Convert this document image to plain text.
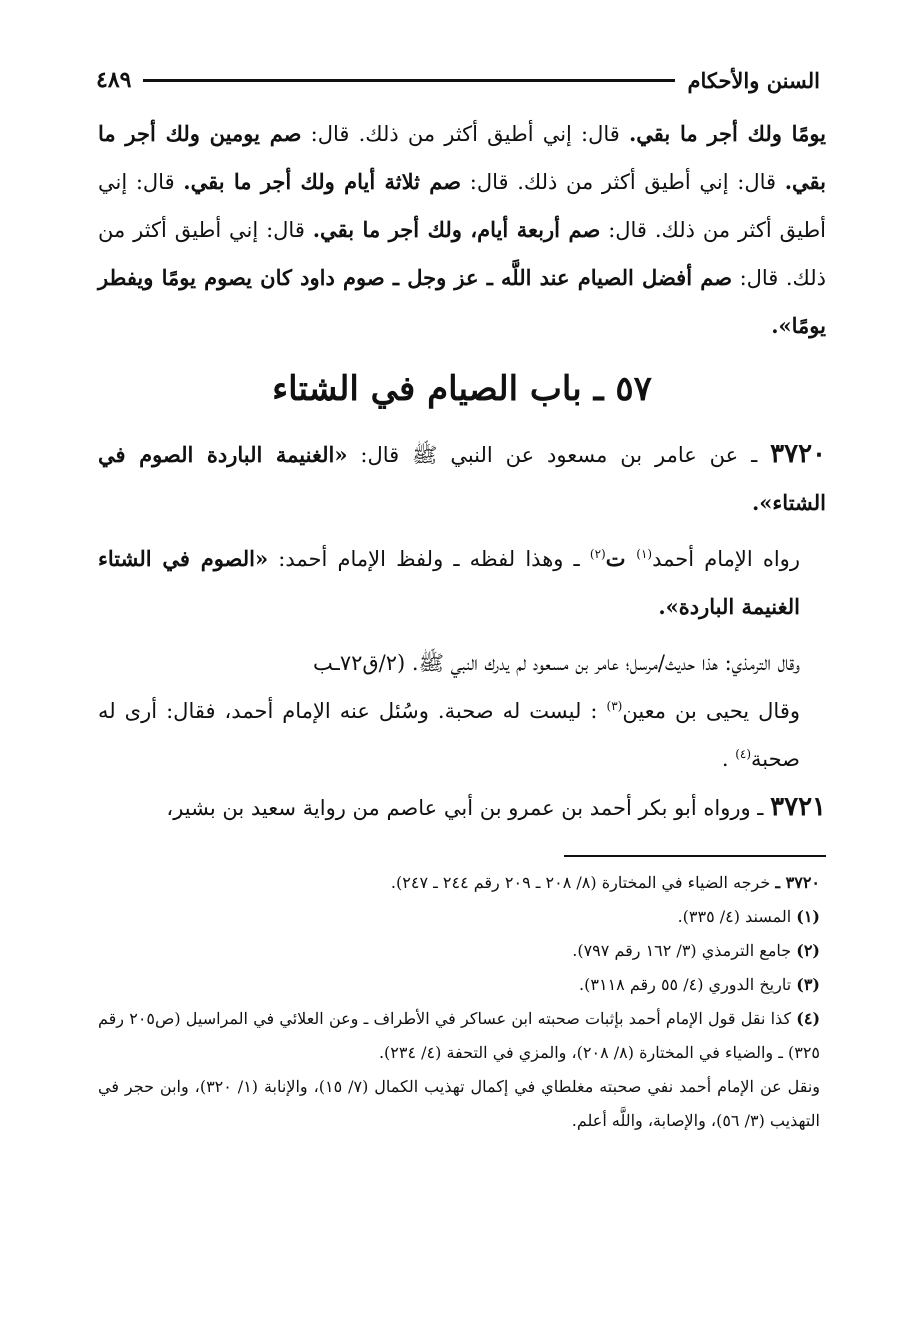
السنن والأحكام
٤٨٩

يومًا ولك أجر ما بقي. قال: إني أطيق أكثر من ذلك. قال: صم يومين ولك أجر ما بقي. قال: إني أطيق أكثر من ذلك. قال: صم ثلاثة أيام ولك أجر ما بقي. قال: إني أطيق أكثر من ذلك. قال: صم أربعة أيام، ولك أجر ما بقي. قال: إني أطيق أكثر من ذلك. قال: صم أفضل الصيام عند اللَّه ـ عز وجل ـ صوم داود كان يصوم يومًا ويفطر يومًا».

٥٧ ـ باب الصيام في الشتاء

٣٧٢٠ ـ عن عامر بن مسعود عن النبي ﷺ قال: «الغنيمة الباردة الصوم في الشتاء».

رواه الإمام أحمد$^{(١)}$ ت$^{(٢)}$ ـ وهذا لفظه ـ ولفظ الإمام أحمد: «الصوم في الشتاء الغنيمة الباردة».

وقال الترمذي: هذا حديث/مرسل؛ عامر بن مسعود لم يدرك النبي ﷺ. (٢/ق٧٢ـب

وقال يحيى بن معين$^{(٣)}$ : ليست له صحبة. وسُئل عنه الإمام أحمد، فقال: أرى له صحبة$^{(٤)}$ .

٣٧٢١ ـ ورواه أبو بكر أحمد بن عمرو بن أبي عاصم من رواية سعيد بن بشير،

٣٧٢٠ ـ خرجه الضياء في المختارة (٨/ ٢٠٨ ـ ٢٠٩ رقم ٢٤٤ ـ ٢٤٧).

(١) المسند (٤/ ٣٣٥).

(٢) جامع الترمذي (٣/ ١٦٢ رقم ٧٩٧).

(٣) تاريخ الدوري (٤/ ٥٥ رقم ٣١١٨).

(٤) كذا نقل قول الإمام أحمد بإثبات صحبته ابن عساكر في الأطراف ـ وعن العلائي في المراسيل (ص٢٠٥ رقم ٣٢٥) ـ والضياء في المختارة (٨/ ٢٠٨)، والمزي في التحفة (٤/ ٢٣٤).

ونقل عن الإمام أحمد نفي صحبته مغلطاي في إكمال تهذيب الكمال (٧/ ١٥)، والإنابة (١/ ٣٢٠)، وابن حجر في التهذيب (٣/ ٥٦)، والإصابة، واللَّه أعلم.
